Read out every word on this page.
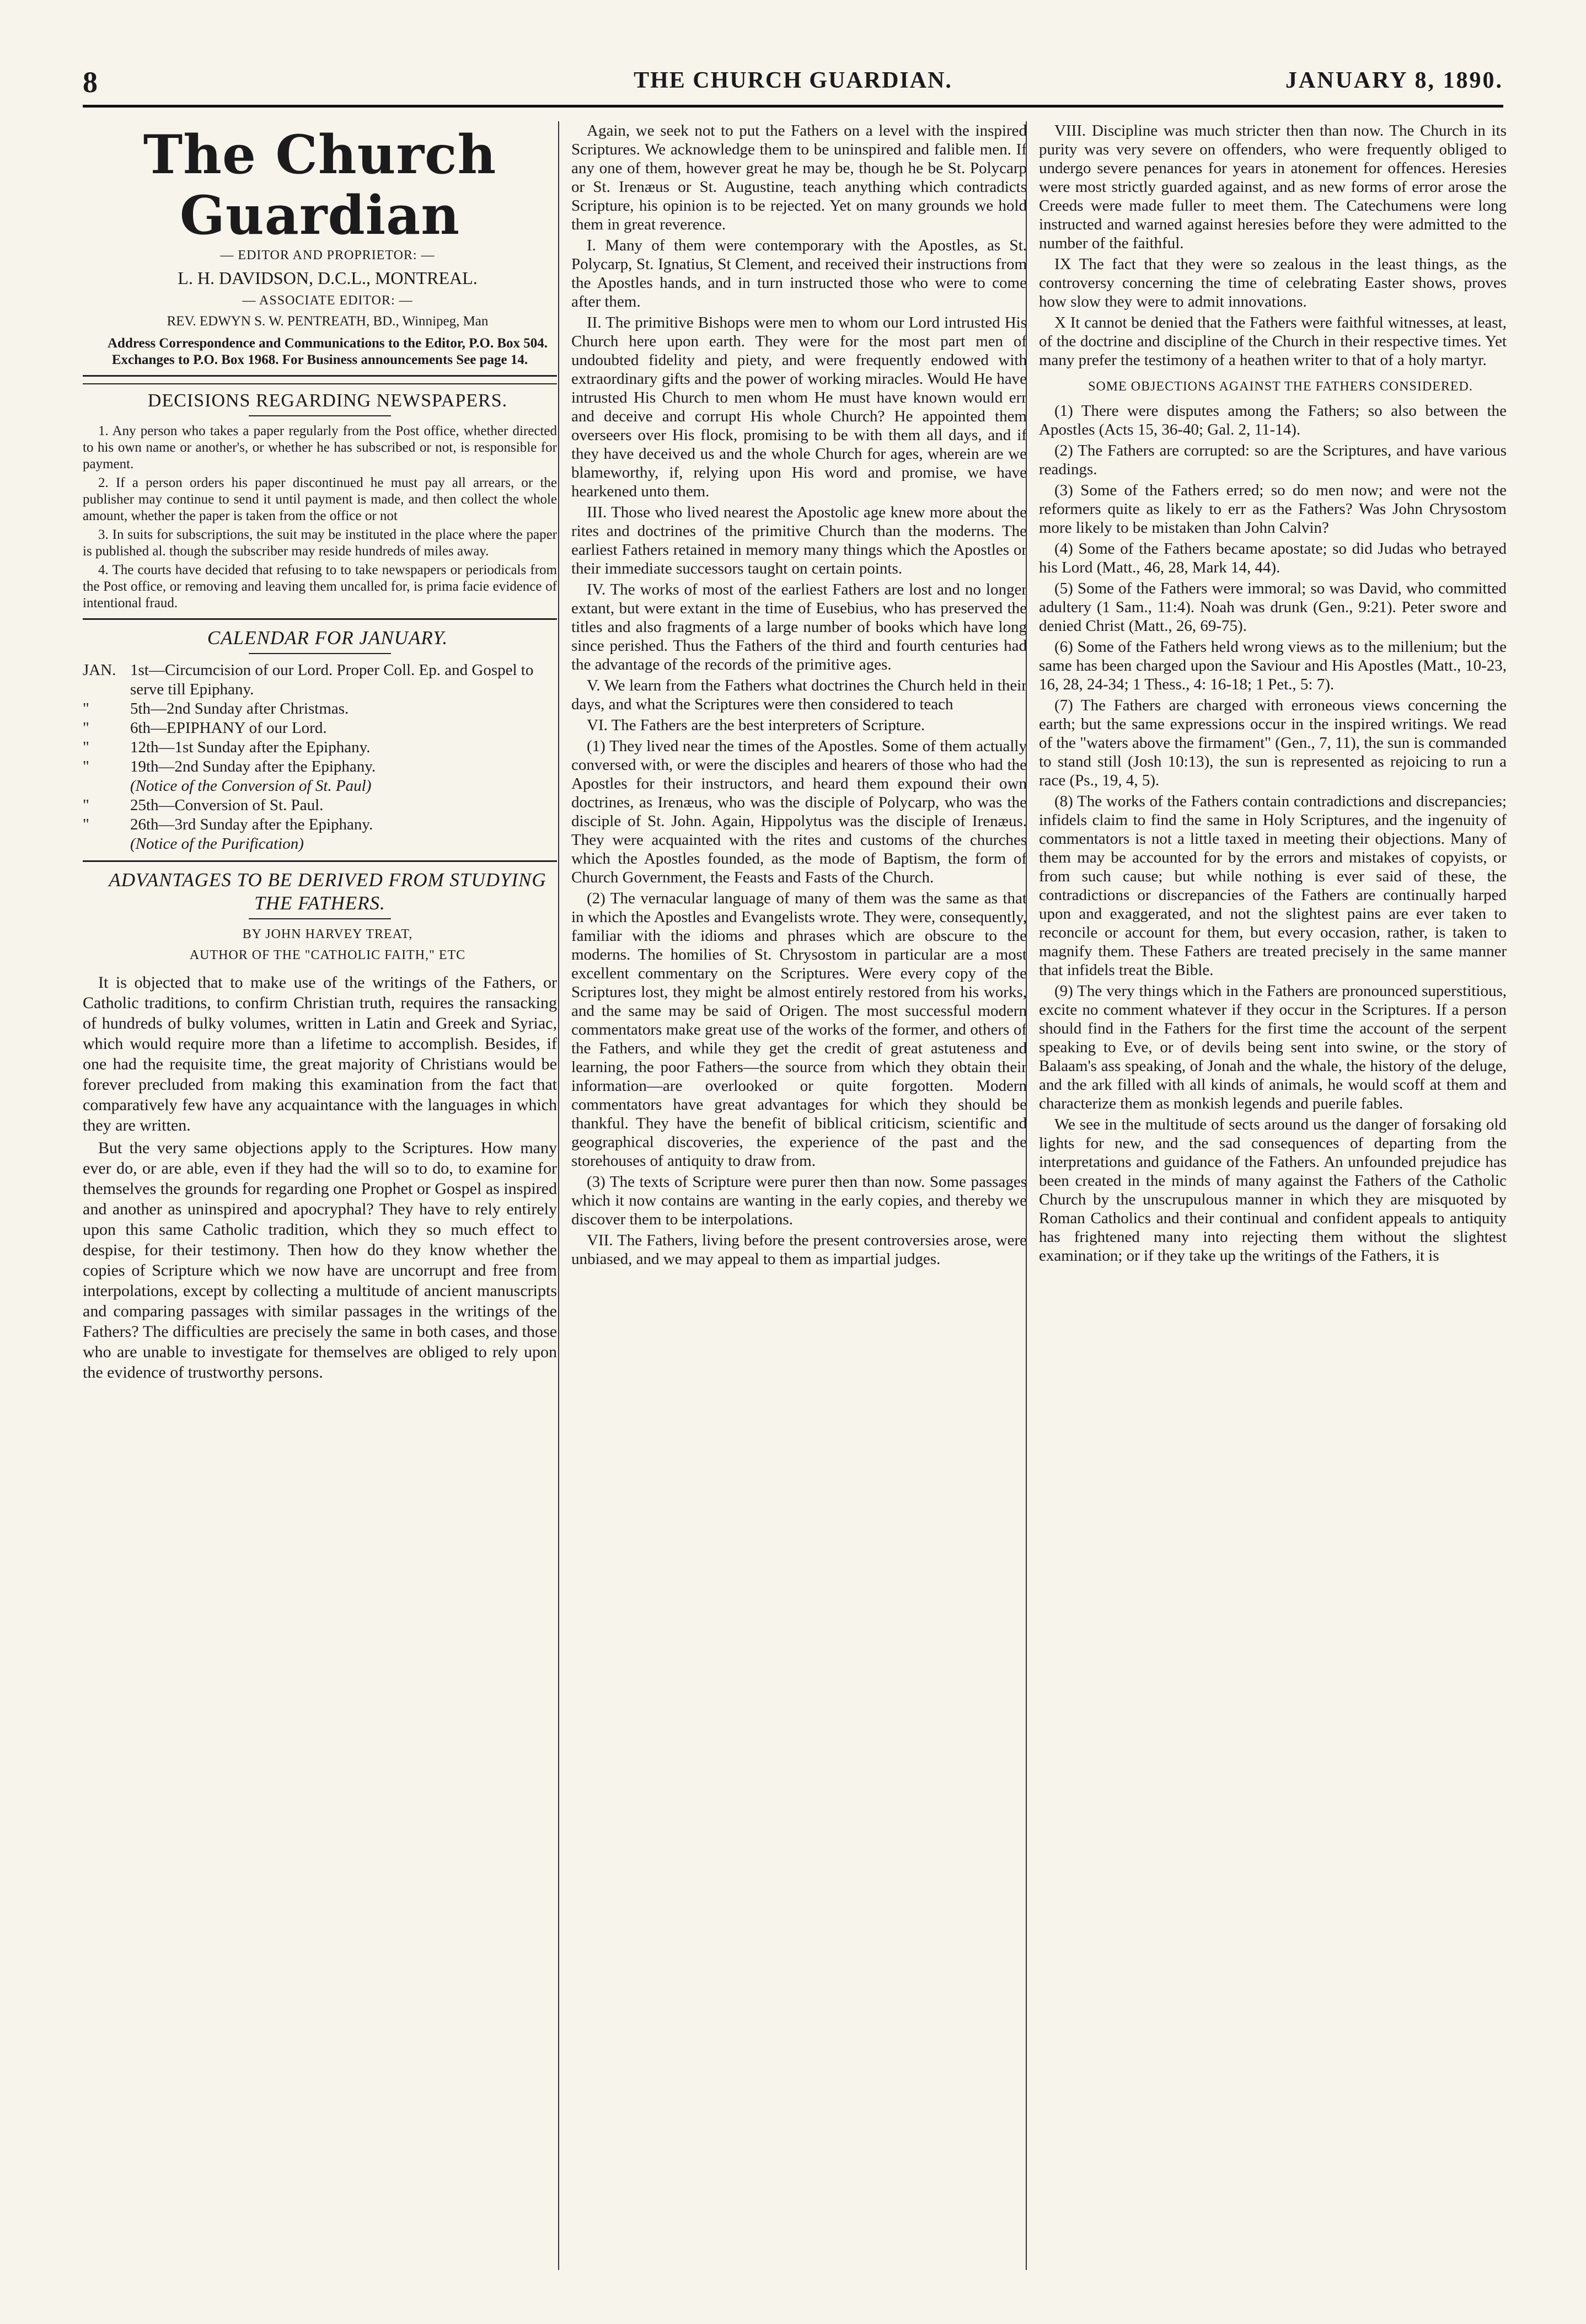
8	THE CHURCH GUARDIAN.	JANUARY 8, 1890.
The Church Guardian

— EDITOR AND PROPRIETOR: —

L. H. DAVIDSON, D.C.L., MONTREAL.

— ASSOCIATE EDITOR: —

REV. EDWYN S. W. PENTREATH, BD., Winnipeg, Man

Address Correspondence and Communications to the Editor, P.O. Box 504. Exchanges to P.O. Box 1968. For Business announcements See page 14.

DECISIONS REGARDING NEWSPAPERS.

1. Any person who takes a paper regularly from the Post office, whether directed to his own name or another's, or whether he has subscribed or not, is responsible for payment.

2. If a person orders his paper discontinued he must pay all arrears, or the publisher may continue to send it until payment is made, and then collect the whole amount, whether the paper is taken from the office or not

3. In suits for subscriptions, the suit may be instituted in the place where the paper is published al. though the subscriber may reside hundreds of miles away.

4. The courts have decided that refusing to to take newspapers or periodicals from the Post office, or removing and leaving them uncalled for, is prima facie evidence of intentional fraud.

CALENDAR FOR JANUARY.

JAN. 1st—Circumcision of our Lord. Proper Coll. Ep. and Gospel to serve till Epiphany.
"	5th—2nd Sunday after Christmas.
"	6th—EPIPHANY of our Lord.
"	12th—1st Sunday after the Epiphany.
"	19th—2nd Sunday after the Epiphany.
(Notice of the Conversion of St. Paul)
"	25th—Conversion of St. Paul.
"	26th—3rd Sunday after the Epiphany.
(Notice of the Purification)

ADVANTAGES TO BE DERIVED FROM STUDYING THE FATHERS.

BY JOHN HARVEY TREAT,

AUTHOR OF THE "CATHOLIC FAITH," ETC

It is objected that to make use of the writings of the Fathers, or Catholic traditions, to confirm Christian truth, requires the ransacking of hundreds of bulky volumes, written in Latin and Greek and Syriac, which would require more than a lifetime to accomplish. Besides, if one had the requisite time, the great majority of Christians would be forever precluded from making this examination from the fact that comparatively few have any acquaintance with the languages in which they are written.

But the very same objections apply to the Scriptures. How many ever do, or are able, even if they had the will so to do, to examine for themselves the grounds for regarding one Prophet or Gospel as inspired and another as uninspired and apocryphal? They have to rely entirely upon this same Catholic tradition, which they so much effect to despise, for their testimony. Then how do they know whether the copies of Scripture which we now have are uncorrupt and free from interpolations, except by collecting a multitude of ancient manuscripts and comparing passages with similar passages in the writings of the Fathers? The difficulties are precisely the same in both cases, and those who are unable to investigate for themselves are obliged to rely upon the evidence of trustworthy persons.

Again, we seek not to put the Fathers on a level with the inspired Scriptures. We acknowledge them to be uninspired and falible men. If any one of them, however great he may be, though he be St. Polycarp or St. Irenæus or St. Augustine, teach anything which contradicts Scripture, his opinion is to be rejected. Yet on many grounds we hold them in great reverence.

I. Many of them were contemporary with the Apostles, as St. Polycarp, St. Ignatius, St Clement, and received their instructions from the Apostles hands, and in turn instructed those who were to come after them.

II. The primitive Bishops were men to whom our Lord intrusted His Church here upon earth. They were for the most part men of undoubted fidelity and piety, and were frequently endowed with extraordinary gifts and the power of working miracles. Would He have intrusted His Church to men whom He must have known would err and deceive and corrupt His whole Church? He appointed them overseers over His flock, promising to be with them all days, and if they have deceived us and the whole Church for ages, wherein are we blameworthy, if, relying upon His word and promise, we have hearkened unto them.

III. Those who lived nearest the Apostolic age knew more about the rites and doctrines of the primitive Church than the moderns. The earliest Fathers retained in memory many things which the Apostles or their immediate successors taught on certain points.

IV. The works of most of the earliest Fathers are lost and no longer extant, but were extant in the time of Eusebius, who has preserved the titles and also fragments of a large number of books which have long since perished. Thus the Fathers of the third and fourth centuries had the advantage of the records of the primitive ages.

V. We learn from the Fathers what doctrines the Church held in their days, and what the Scriptures were then considered to teach

VI. The Fathers are the best interpreters of Scripture.

(1) They lived near the times of the Apostles. Some of them actually conversed with, or were the disciples and hearers of those who had the Apostles for their instructors, and heard them expound their own doctrines, as Irenæus, who was the disciple of Polycarp, who was the disciple of St. John. Again, Hippolytus was the disciple of Irenæus. They were acquainted with the rites and customs of the churches which the Apostles founded, as the mode of Baptism, the form of Church Government, the Feasts and Fasts of the Church.

(2) The vernacular language of many of them was the same as that in which the Apostles and Evangelists wrote. They were, consequently, familiar with the idioms and phrases which are obscure to the moderns. The homilies of St. Chrysostom in particular are a most excellent commentary on the Scriptures. Were every copy of the Scriptures lost, they might be almost entirely restored from his works, and the same may be said of Origen. The most successful modern commentators make great use of the works of the former, and others of the Fathers, and while they get the credit of great astuteness and learning, the poor Fathers—the source from which they obtain their information—are overlooked or quite forgotten. Modern commentators have great advantages for which they should be thankful. They have the benefit of biblical criticism, scientific and geographical discoveries, the experience of the past and the storehouses of antiquity to draw from.

(3) The texts of Scripture were purer then than now. Some passages which it now contains are wanting in the early copies, and thereby we discover them to be interpolations.

VII. The Fathers, living before the present controversies arose, were unbiased, and we may appeal to them as impartial judges.

VIII. Discipline was much stricter then than now. The Church in its purity was very severe on offenders, who were frequently obliged to undergo severe penances for years in atonement for offences. Heresies were most strictly guarded against, and as new forms of error arose the Creeds were made fuller to meet them. The Catechumens were long instructed and warned against heresies before they were admitted to the number of the faithful.

IX The fact that they were so zealous in the least things, as the controversy concerning the time of celebrating Easter shows, proves how slow they were to admit innovations.

X It cannot be denied that the Fathers were faithful witnesses, at least, of the doctrine and discipline of the Church in their respective times. Yet many prefer the testimony of a heathen writer to that of a holy martyr.

SOME OBJECTIONS AGAINST THE FATHERS CONSIDERED.

(1) There were disputes among the Fathers; so also between the Apostles (Acts 15, 36-40; Gal. 2, 11-14).

(2) The Fathers are corrupted: so are the Scriptures, and have various readings.

(3) Some of the Fathers erred; so do men now; and were not the reformers quite as likely to err as the Fathers? Was John Chrysostom more likely to be mistaken than John Calvin?

(4) Some of the Fathers became apostate; so did Judas who betrayed his Lord (Matt., 46, 28, Mark 14, 44).

(5) Some of the Fathers were immoral; so was David, who committed adultery (1 Sam., 11:4). Noah was drunk (Gen., 9:21). Peter swore and denied Christ (Matt., 26, 69-75).

(6) Some of the Fathers held wrong views as to the millenium; but the same has been charged upon the Saviour and His Apostles (Matt., 10-23, 16, 28, 24-34; 1 Thess., 4: 16-18; 1 Pet., 5: 7).

(7) The Fathers are charged with erroneous views concerning the earth; but the same expressions occur in the inspired writings. We read of the "waters above the firmament" (Gen., 7, 11), the sun is commanded to stand still (Josh 10:13), the sun is represented as rejoicing to run a race (Ps., 19, 4, 5).

(8) The works of the Fathers contain contradictions and discrepancies; infidels claim to find the same in Holy Scriptures, and the ingenuity of commentators is not a little taxed in meeting their objections. Many of them may be accounted for by the errors and mistakes of copyists, or from such cause; but while nothing is ever said of these, the contradictions or discrepancies of the Fathers are continually harped upon and exaggerated, and not the slightest pains are ever taken to reconcile or account for them, but every occasion, rather, is taken to magnify them. These Fathers are treated precisely in the same manner that infidels treat the Bible.

(9) The very things which in the Fathers are pronounced superstitious, excite no comment whatever if they occur in the Scriptures. If a person should find in the Fathers for the first time the account of the serpent speaking to Eve, or of devils being sent into swine, or the story of Balaam's ass speaking, of Jonah and the whale, the history of the deluge, and the ark filled with all kinds of animals, he would scoff at them and characterize them as monkish legends and puerile fables.

We see in the multitude of sects around us the danger of forsaking old lights for new, and the sad consequences of departing from the interpretations and guidance of the Fathers. An unfounded prejudice has been created in the minds of many against the Fathers of the Catholic Church by the unscrupulous manner in which they are misquoted by Roman Catholics and their continual and confident appeals to antiquity has frightened many into rejecting them without the slightest examination; or if they take up the writings of the Fathers, it is
